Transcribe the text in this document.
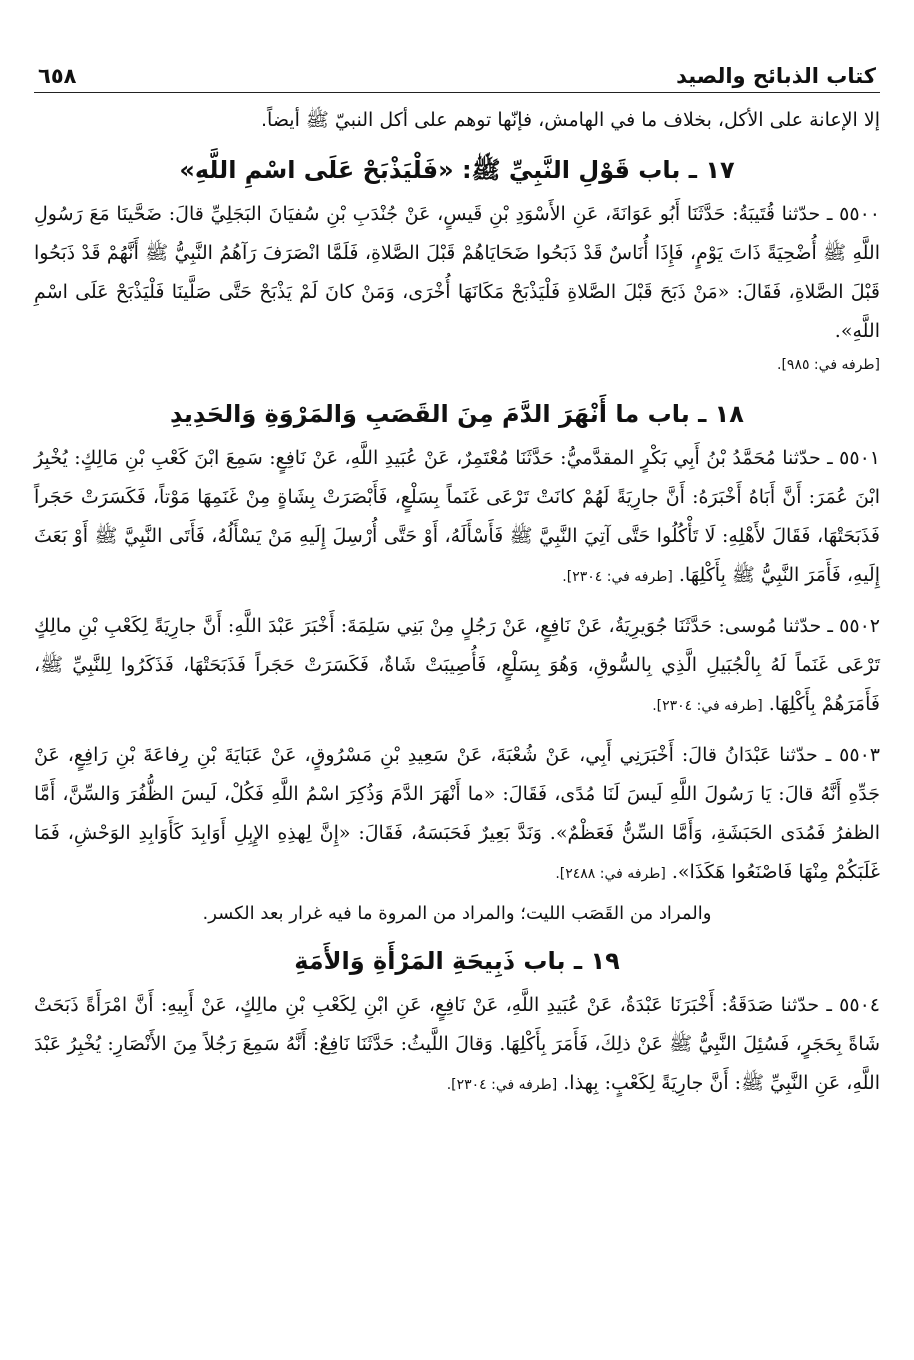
كتاب الذبائح والصيد
٦٥٨

إلا الإعانة على الأكل، بخلاف ما في الهامش، فإنّها توهم على أكل النبيّ ﷺ أيضاً.

١٧ ـ باب قَوْلِ النَّبِيِّ ﷺ: «فَلْيَذْبَحْ عَلَى اسْمِ اللَّهِ»

٥٥٠٠ ـ حدّثنا قُتَيبَةُ: حَدَّثَنَا أَبُو عَوَانَةَ، عَنِ الأَسْوَدِ بْنِ قَيسٍ، عَنْ جُنْدَبِ بْنِ سُفيَانَ البَجَلِيِّ قالَ: ضَحَّينَا مَعَ رَسُولِ اللَّهِ ﷺ أُضْحِيَةً ذَاتَ يَوْمٍ، فَإِذَا أُنَاسٌ قَدْ ذَبَحُوا ضَحَايَاهُمْ قَبْلَ الصَّلاةِ، فَلَمَّا انْصَرَفَ رَآهُمُ النَّبِيُّ ﷺ أَنَّهُمْ قَدْ ذَبَحُوا قَبْلَ الصَّلاةِ، فَقَالَ: «مَنْ ذَبَحَ قَبْلَ الصَّلاةِ فَلْيَذْبَحْ مَكَانَهَا أُخْرَى، وَمَنْ كانَ لَمْ يَذْبَحْ حَتَّى صَلَّينَا فَلْيَذْبَحْ عَلَى اسْمِ اللَّهِ».

[طرفه في: ٩٨٥].

١٨ ـ باب ما أَنْهَرَ الدَّمَ مِنَ القَصَبِ وَالمَرْوَةِ وَالحَدِيدِ

٥٥٠١ ـ حدّثنا مُحَمَّدُ بْنُ أَبِي بَكْرٍ المقدَّميُّ: حَدَّثَنَا مُعْتَمِرٌ، عَنْ عُبَيدِ اللَّهِ، عَنْ نَافِعٍ: سَمِعَ ابْنَ كَعْبِ بْنِ مَالِكٍ: يُخْبِرُ ابْنَ عُمَرَ: أَنَّ أَبَاهُ أَخْبَرَهُ: أَنَّ جارِيَةً لَهُمْ كانَتْ تَرْعَى غَنَماً بِسَلْعٍ، فَأَبْصَرَتْ بِشَاةٍ مِنْ غَنَمِهَا مَوْتاً، فَكَسَرَتْ حَجَراً فَذَبَحَتْهَا، فَقَالَ لأَهْلِهِ: لَا تَأْكُلُوا حَتَّى آتِيَ النَّبِيَّ ﷺ فَأَسْأَلَهُ، أَوْ حَتَّى أُرْسِلَ إِلَيهِ مَنْ يَسْأَلُهُ، فَأَتَى النَّبِيَّ ﷺ أَوْ بَعَثَ إِلَيهِ، فَأَمَرَ النَّبِيُّ ﷺ بِأَكْلِهَا. [طرفه في: ٢٣٠٤].

٥٥٠٢ ـ حدّثنا مُوسى: حَدَّثَنَا جُوَيرِيَةُ، عَنْ نَافِعٍ، عَنْ رَجُلٍ مِنْ بَنِي سَلِمَةَ: أَخْبَرَ عَبْدَ اللَّهِ: أَنَّ جارِيَةً لِكَعْبِ بْنِ مالِكٍ تَرْعَى غَنَماً لَهُ بِالْجُبَيلِ الَّذِي بِالسُّوقِ، وَهُوَ بِسَلْعٍ، فَأُصِيبَتْ شَاةٌ، فَكَسَرَتْ حَجَراً فَذَبَحَتْهَا، فَذَكَرُوا لِلنَّبِيِّ ﷺ، فَأَمَرَهُمْ بِأَكْلِهَا. [طرفه في: ٢٣٠٤].

٥٥٠٣ ـ حدّثنا عَبْدَانُ قالَ: أَخْبَرَنِي أَبِي، عَنْ شُعْبَةَ، عَنْ سَعِيدِ بْنِ مَسْرُوقٍ، عَنْ عَبَايَةَ بْنِ رِفاعَةَ بْنِ رَافِعٍ، عَنْ جَدِّهِ أَنَّهُ قالَ: يَا رَسُولَ اللَّهِ لَيسَ لَنَا مُدًى، فَقَالَ: «ما أَنْهَرَ الدَّمَ وَذُكِرَ اسْمُ اللَّهِ فَكُلْ، لَيسَ الظُّفُرَ وَالسِّنَّ، أَمَّا الظفرُ فَمُدَى الحَبَشَةِ، وَأَمَّا السِّنُّ فَعَظْمٌ». وَنَدَّ بَعِيرٌ فَحَبَسَهُ، فَقَالَ: «إِنَّ لِهذِهِ الإِبِلِ أَوَابِدَ كَأَوَابِدِ الوَحْشِ، فَمَا غَلَبَكُمْ مِنْهَا فَاصْنَعُوا هَكَذَا». [طرفه في: ٢٤٨٨].

والمراد من القَصَب الليت؛ والمراد من المروة ما فيه غرار بعد الكسر.

١٩ ـ باب ذَبِيحَةِ المَرْأَةِ وَالأَمَةِ

٥٥٠٤ ـ حدّثنا صَدَقَةُ: أَخْبَرَنَا عَبْدَةُ، عَنْ عُبَيدِ اللَّهِ، عَنْ نَافِعٍ، عَنِ ابْنِ لِكَعْبِ بْنِ مالِكٍ، عَنْ أَبِيهِ: أَنَّ امْرَأَةً ذَبَحَتْ شَاةً بِحَجَرٍ، فَسُئِلَ النَّبِيُّ ﷺ عَنْ ذلِكَ، فَأَمَرَ بِأَكْلِهَا. وَقالَ اللَّيثُ: حَدَّثَنَا نَافِعٌ: أَنَّهُ سَمِعَ رَجُلاً مِنَ الأَنْصَارِ: يُخْبِرُ عَبْدَ اللَّهِ، عَنِ النَّبِيِّ ﷺ: أَنَّ جارِيَةً لِكَعْبٍ: بِهذا. [طرفه في: ٢٣٠٤].
